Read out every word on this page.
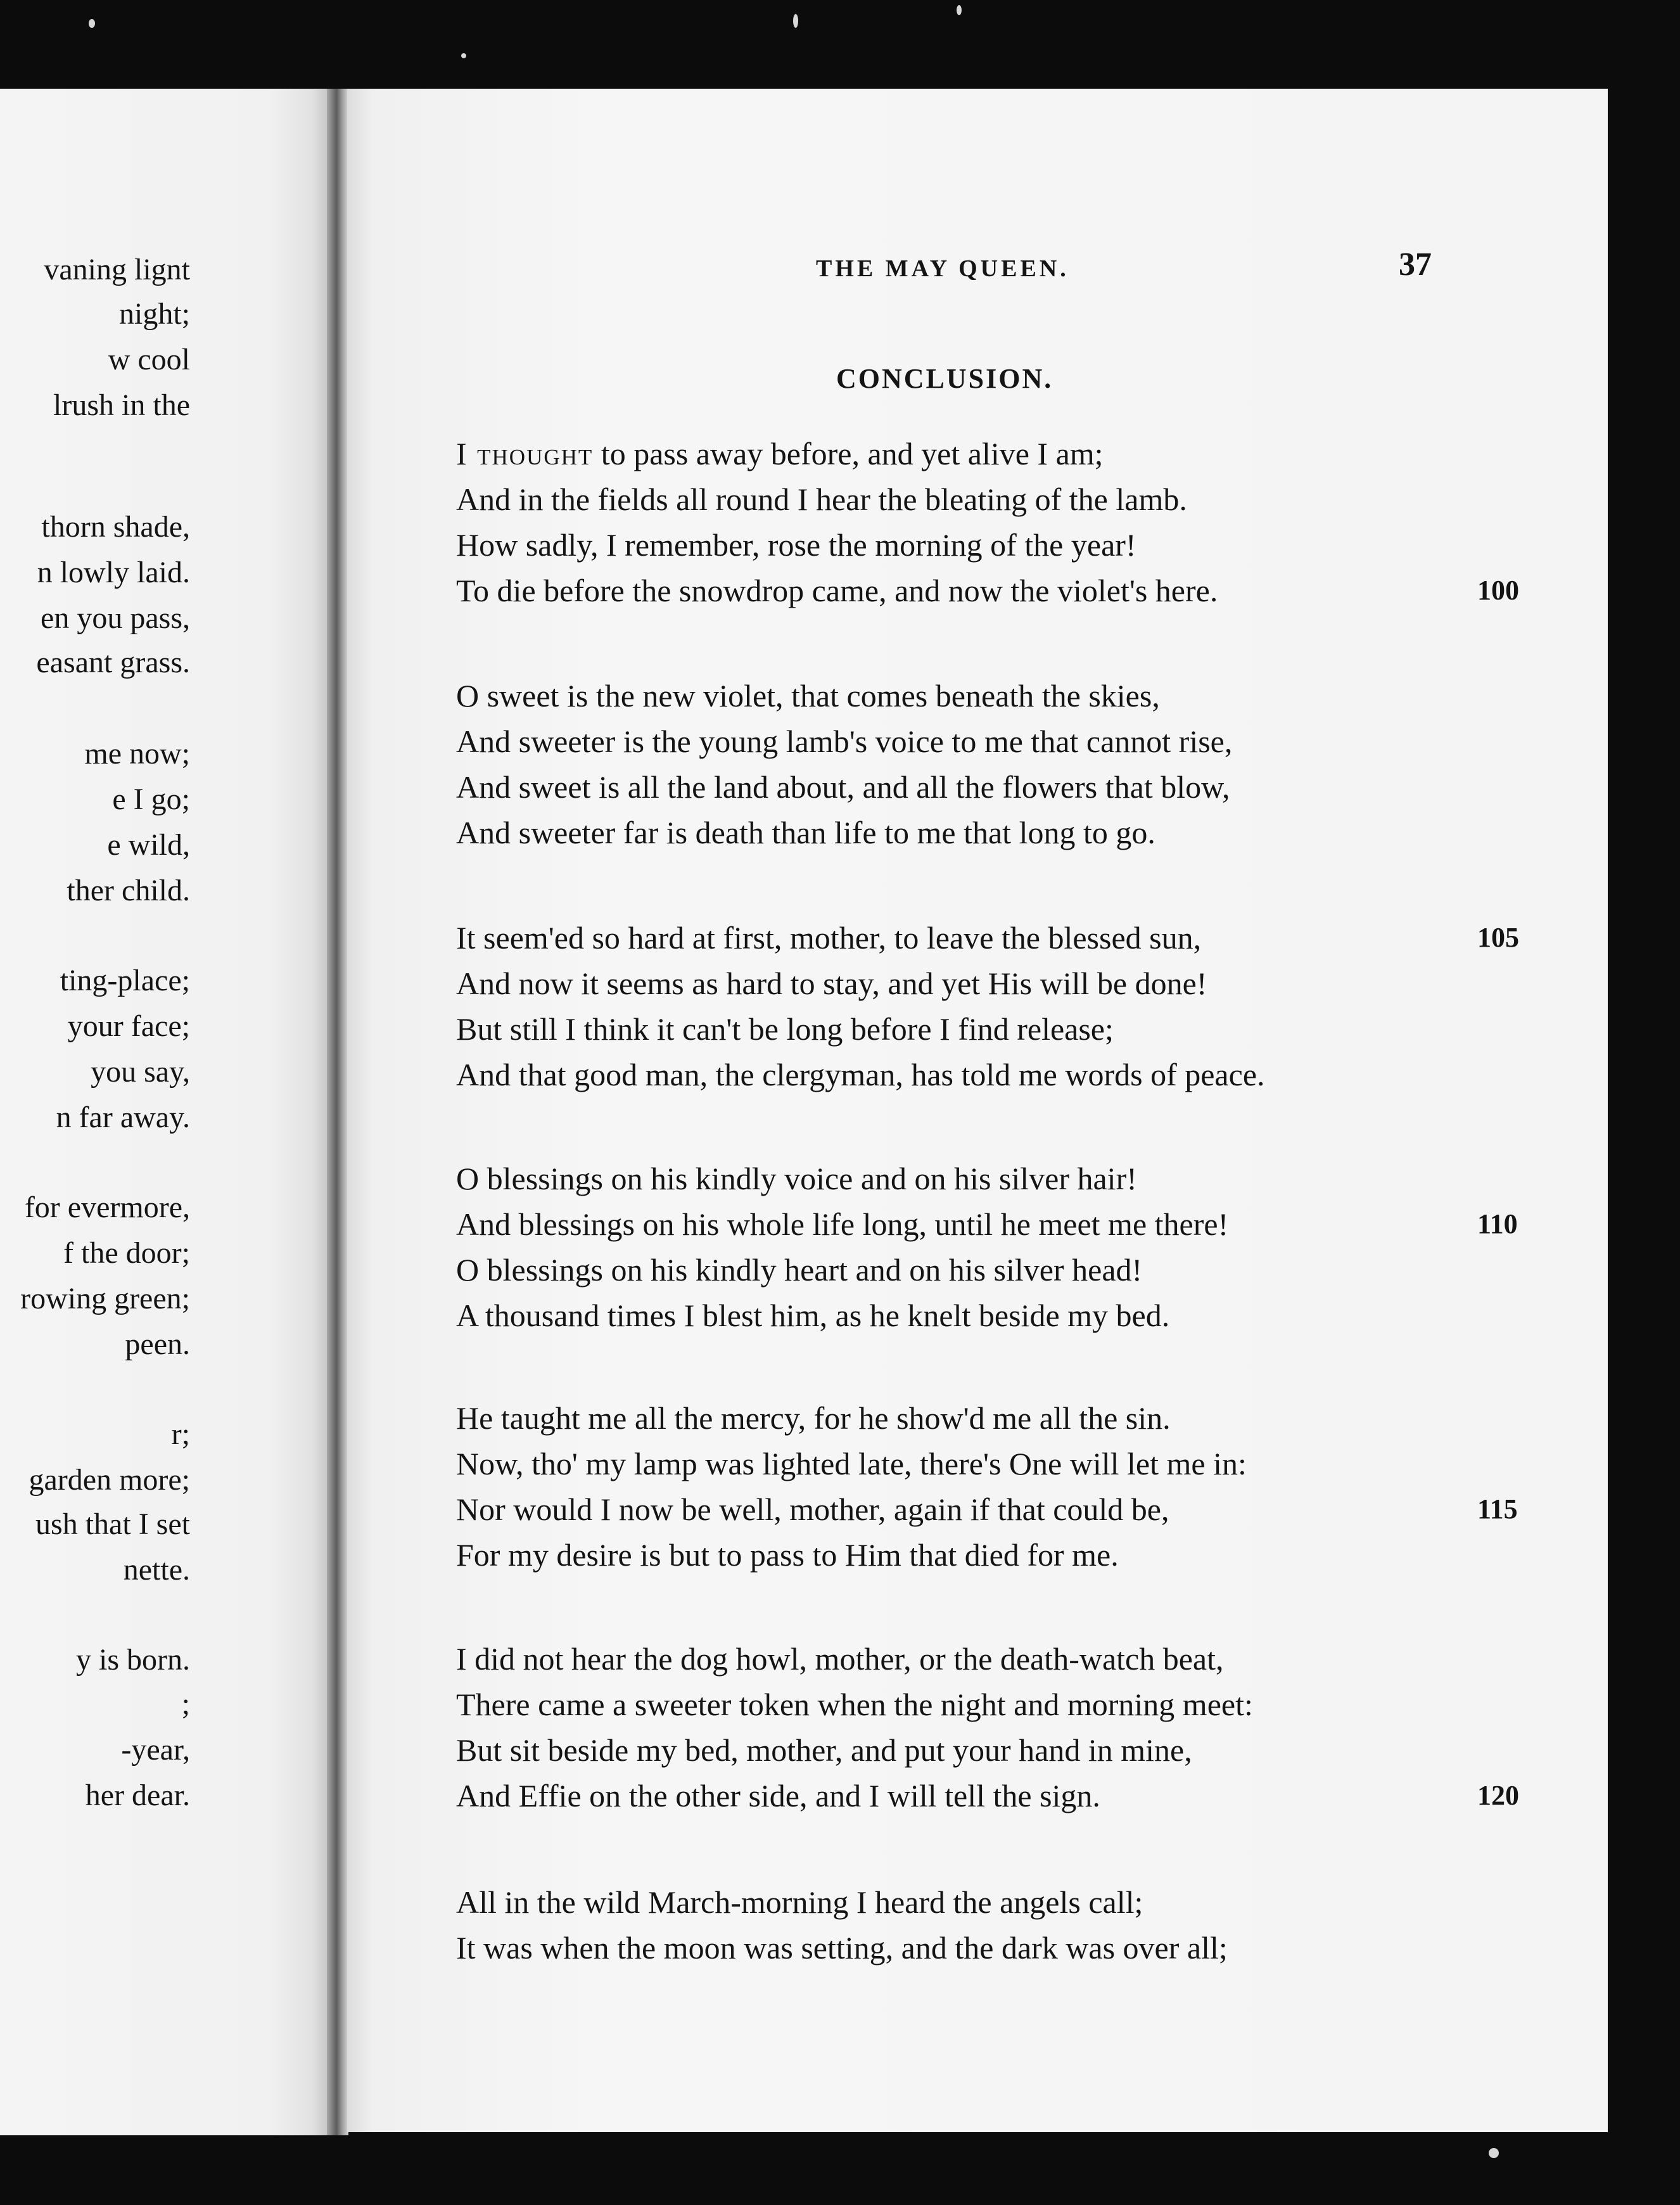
vaning lignt
night;
w cool
lrush in the
thorn shade,
n lowly laid.
en you pass,
easant grass.
me now;
e I go;
e wild,
ther child.
ting-place;
your face;
you say,
n far away.
for evermore,
f the door;
rowing green;
peen.
r;
garden more;
ush that I set
nette.
y is born.
;
-year,
her dear.
THE MAY QUEEN.	37
CONCLUSION.
I thought to pass away before, and yet alive I am;
And in the fields all round I hear the bleating of the lamb.
How sadly, I remember, rose the morning of the year!
To die before the snowdrop came, and now the violet's here.	100
O sweet is the new violet, that comes beneath the skies,
And sweeter is the young lamb's voice to me that cannot rise,
And sweet is all the land about, and all the flowers that blow,
And sweeter far is death than life to me that long to go.
It seem'ed so hard at first, mother, to leave the blessed sun,	105
And now it seems as hard to stay, and yet His will be done!
But still I think it can't be long before I find release;
And that good man, the clergyman, has told me words of peace.
O blessings on his kindly voice and on his silver hair!
And blessings on his whole life long, until he meet me there!	110
O blessings on his kindly heart and on his silver head!
A thousand times I blest him, as he knelt beside my bed.
He taught me all the mercy, for he show'd me all the sin.
Now, tho' my lamp was lighted late, there's One will let me in:
Nor would I now be well, mother, again if that could be,	115
For my desire is but to pass to Him that died for me.
I did not hear the dog howl, mother, or the death-watch beat,
There came a sweeter token when the night and morning meet:
But sit beside my bed, mother, and put your hand in mine,
And Effie on the other side, and I will tell the sign.	120
All in the wild March-morning I heard the angels call;
It was when the moon was setting, and the dark was over all;
